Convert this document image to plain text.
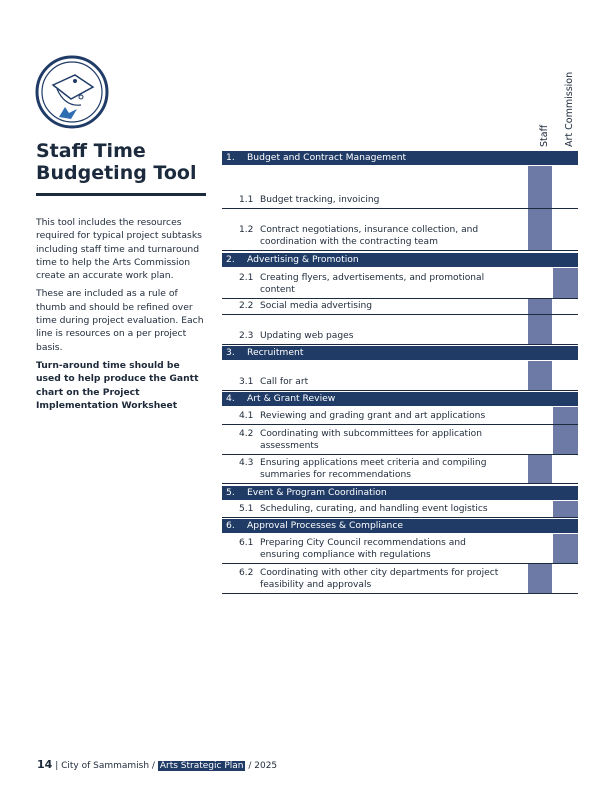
Staff Time
Budgeting Tool

This tool includes the resources required for typical project subtasks including staff time and turnaround time to help the Arts Commission create an accurate work plan.

These are included as a rule of thumb and should be refined over time during project evaluation. Each line is resources on a per project basis.

Turn-around time should be used to help produce the Gantt chart on the Project Implementation Worksheet

Staff Art Commission
1. Budget and Contract Management
1.1 Budget tracking, invoicing
1.2 Contract negotiations, insurance collection, and
coordination with the contracting team
2. Advertising & Promotion
2.1 Creating flyers, advertisements, and promotional
content
2.2 Social media advertising
2.3 Updating web pages
3. Recruitment
3.1 Call for art
4. Art & Grant Review
4.1 Reviewing and grading grant and art applications
4.2 Coordinating with subcommittees for application
assessments
4.3 Ensuring applications meet criteria and compiling
summaries for recommendations
5. Event & Program Coordination
5.1 Scheduling, curating, and handling event logistics
6. Approval Processes & Compliance
6.1 Preparing City Council recommendations and
ensuring compliance with regulations
6.2 Coordinating with other city departments for project
feasibility and approvals
14 | City of Sammamish / Arts Strategic Plan / 2025
